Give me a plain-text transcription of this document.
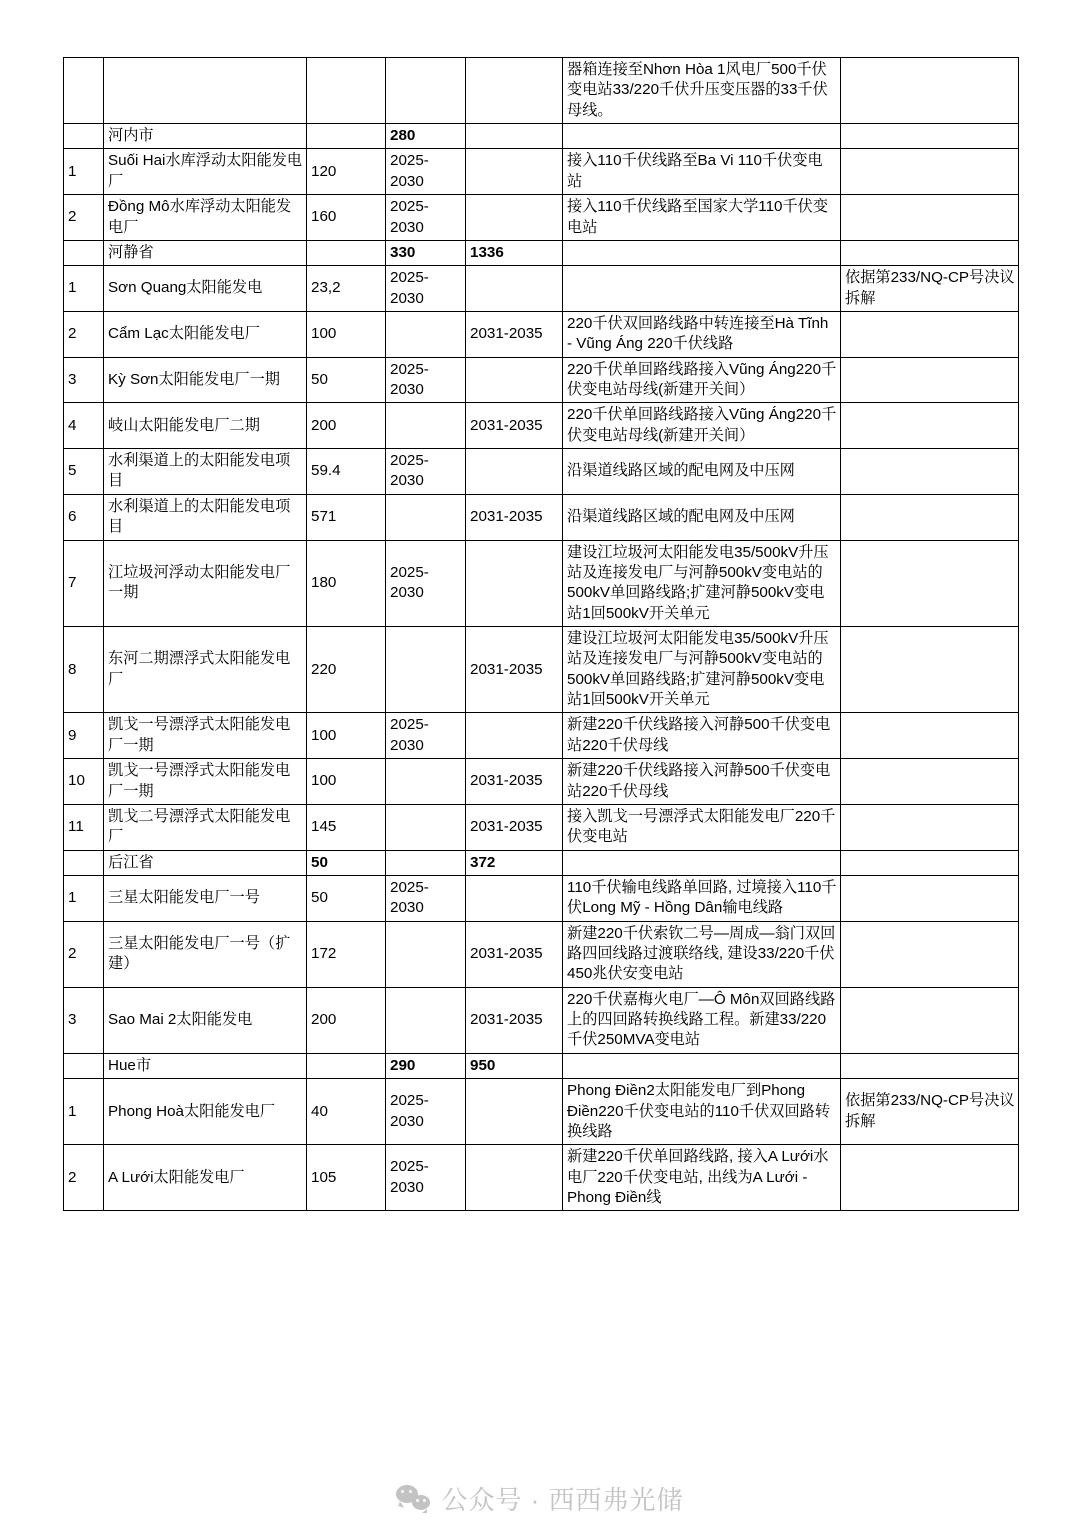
					器箱连接至Nhơn Hòa 1风电厂500千伏变电站33/220千伏升压变压器的33千伏母线。	
	河内市		280			
1	Suối Hai水库浮动太阳能发电厂	120	2025-2030		接入110千伏线路至Ba Vi 110千伏变电站	
2	Đồng Mô水库浮动太阳能发电厂	160	2025-2030		接入110千伏线路至国家大学110千伏变电站	
	河静省		330	1336		
1	Sơn Quang太阳能发电	23,2	2025-2030			依据第233/NQ-CP号决议拆解
2	Cẩm Lạc太阳能发电厂	100		2031-2035	220千伏双回路线路中转连接至Hà Tĩnh - Vũng Áng 220千伏线路	
3	Kỳ Sơn太阳能发电厂一期	50	2025-2030		220千伏单回路线路接入Vũng Áng220千伏变电站母线(新建开关间）	
4	岐山太阳能发电厂二期	200		2031-2035	220千伏单回路线路接入Vũng Áng220千伏变电站母线(新建开关间）	
5	水利渠道上的太阳能发电项目	59.4	2025-2030		沿渠道线路区域的配电网及中压网	
6	水利渠道上的太阳能发电项目	571		2031-2035	沿渠道线路区域的配电网及中压网	
7	江垃圾河浮动太阳能发电厂一期	180	2025-2030		建设江垃圾河太阳能发电35/500kV升压站及连接发电厂与河静500kV变电站的500kV单回路线路;扩建河静500kV变电站1回500kV开关单元	
8	东河二期漂浮式太阳能发电厂	220		2031-2035	建设江垃圾河太阳能发电35/500kV升压站及连接发电厂与河静500kV变电站的500kV单回路线路;扩建河静500kV变电站1回500kV开关单元	
9	凯戈一号漂浮式太阳能发电厂一期	100	2025-2030		新建220千伏线路接入河静500千伏变电站220千伏母线	
10	凯戈一号漂浮式太阳能发电厂一期	100		2031-2035	新建220千伏线路接入河静500千伏变电站220千伏母线	
11	凯戈二号漂浮式太阳能发电厂	145		2031-2035	接入凯戈一号漂浮式太阳能发电厂220千伏变电站	
	后江省	50		372		
1	三星太阳能发电厂一号	50	2025-2030		110千伏输电线路单回路, 过境接入110千伏Long Mỹ - Hồng Dân输电线路	
2	三星太阳能发电厂一号（扩建）	172		2031-2035	新建220千伏索钦二号—周成—翁门双回路四回线路过渡联络线, 建设33/220千伏450兆伏安变电站	
3	Sao Mai 2太阳能发电	200		2031-2035	220千伏嘉梅火电厂—Ô Môn双回路线路上的四回路转换线路工程。新建33/220千伏250MVA变电站	
	Hue市		290	950		
1	Phong Hoà太阳能发电厂	40	2025-2030		Phong Điền2太阳能发电厂到Phong Điền220千伏变电站的110千伏双回路转换线路	依据第233/NQ-CP号决议拆解
2	A Lưới太阳能发电厂	105	2025-2030		新建220千伏单回路线路, 接入A Lưới水电厂220千伏变电站, 出线为A Lưới - Phong Điền线	
公众号 · 西西弗光储
